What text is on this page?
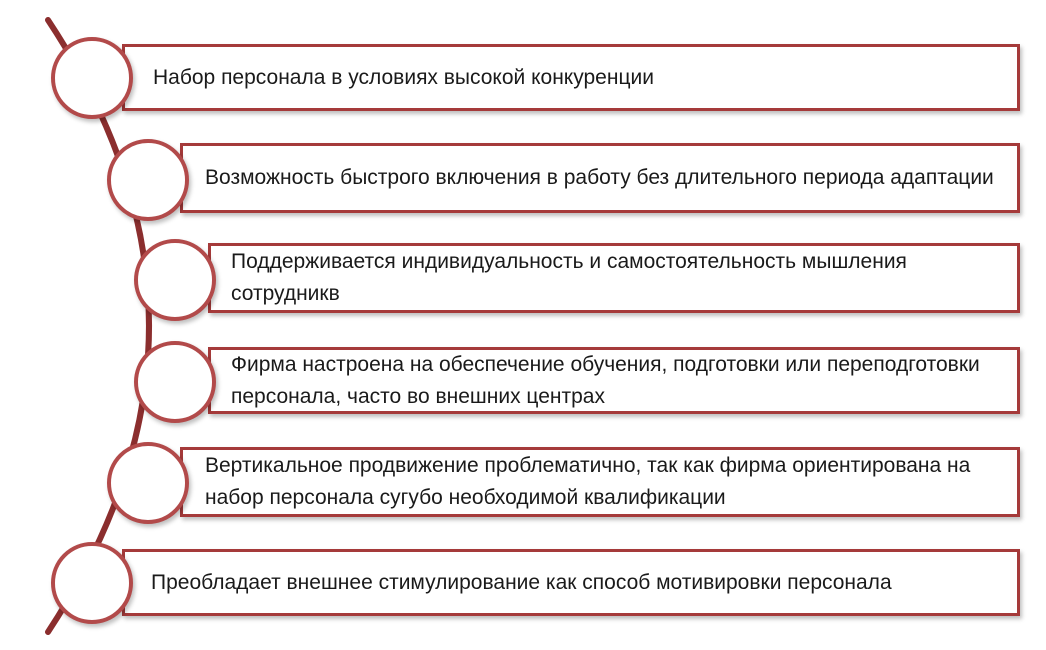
Набор персонала в условиях высокой конкуренции
Возможность быстрого включения в работу без длительного периода адаптации
Поддерживается индивидуальность и самостоятельность мышления сотрудникв
Фирма настроена на обеспечение обучения, подготовки или переподготовки персонала, часто во внешних центрах
Вертикальное продвижение проблематично, так как фирма ориентирована на набор персонала сугубо необходимой квалификации
Преобладает внешнее стимулирование как способ мотивировки персонала
